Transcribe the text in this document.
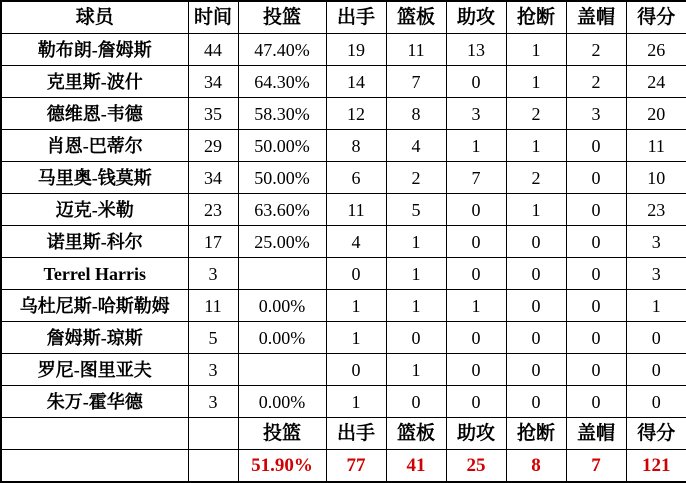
球员	时间	投篮	出手	篮板	助攻	抢断	盖帽	得分
勒布朗-詹姆斯	44	47.40%	19	11	13	1	2	26
克里斯-波什	34	64.30%	14	7	0	1	2	24
德维恩-韦德	35	58.30%	12	8	3	2	3	20
肖恩-巴蒂尔	29	50.00%	8	4	1	1	0	11
马里奥-钱莫斯	34	50.00%	6	2	7	2	0	10
迈克-米勒	23	63.60%	11	5	0	1	0	23
诺里斯-科尔	17	25.00%	4	1	0	0	0	3
Terrel Harris	3		0	1	0	0	0	3
乌杜尼斯-哈斯勒姆	11	0.00%	1	1	1	0	0	1
詹姆斯-琼斯	5	0.00%	1	0	0	0	0	0
罗尼-图里亚夫	3		0	1	0	0	0	0
朱万-霍华德	3	0.00%	1	0	0	0	0	0
		投篮	出手	篮板	助攻	抢断	盖帽	得分
		51.90%	77	41	25	8	7	121
